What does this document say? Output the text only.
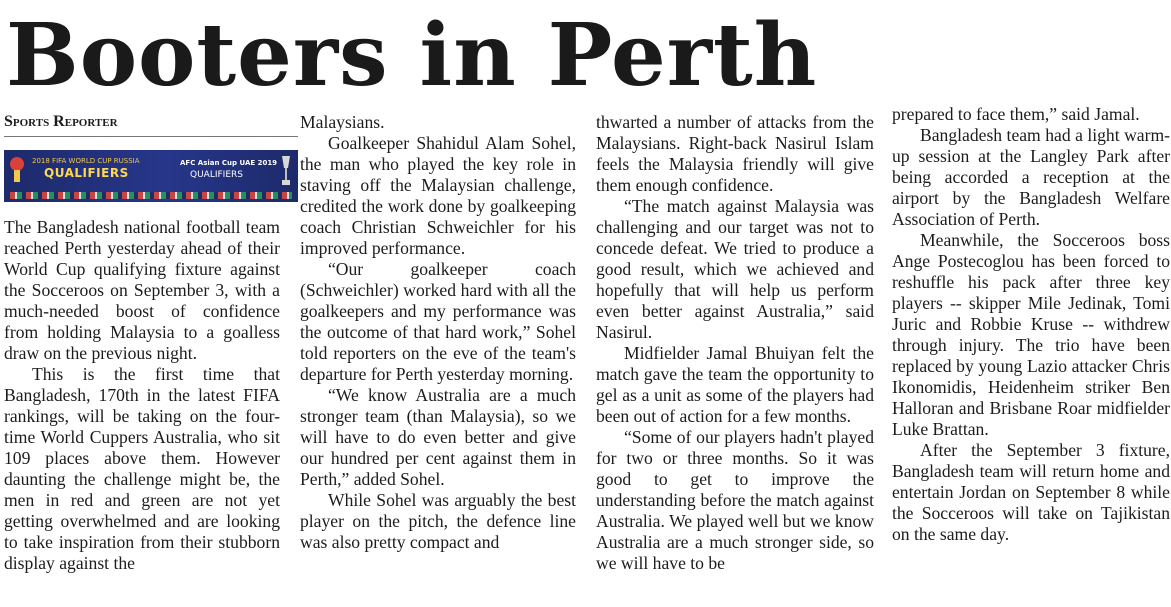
Booters in Perth
Sports Reporter
2018 FIFA WORLD CUP RUSSIA
QUALIFIERS
AFC Asian Cup UAE 2019
QUALIFIERS

The Bangladesh national football team reached Perth yesterday ahead of their World Cup qualifying fixture against the Socceroos on September 3, with a much-needed boost of confidence from holding Malaysia to a goalless draw on the previous night.

This is the first time that Bangladesh, 170th in the latest FIFA rankings, will be taking on the four-time World Cuppers Australia, who sit 109 places above them. However daunting the challenge might be, the men in red and green are not yet getting overwhelmed and are looking to take inspiration from their stubborn display against the

Malaysians.

Goalkeeper Shahidul Alam Sohel, the man who played the key role in staving off the Malaysian challenge, credited the work done by goalkeeping coach Christian Schweichler for his improved performance.

“Our goalkeeper coach (Schweichler) worked hard with all the goalkeepers and my performance was the outcome of that hard work,” Sohel told reporters on the eve of the team's departure for Perth yesterday morning.

“We know Australia are a much stronger team (than Malaysia), so we will have to do even better and give our hundred per cent against them in Perth,” added Sohel.

While Sohel was arguably the best player on the pitch, the defence line was also pretty compact and

thwarted a number of attacks from the Malaysians. Right-back Nasirul Islam feels the Malaysia friendly will give them enough confidence.

“The match against Malaysia was challenging and our target was not to concede defeat. We tried to produce a good result, which we achieved and hopefully that will help us perform even better against Australia,” said Nasirul.

Midfielder Jamal Bhuiyan felt the match gave the team the opportunity to gel as a unit as some of the players had been out of action for a few months.

“Some of our players hadn't played for two or three months. So it was good to get to improve the understanding before the match against Australia. We played well but we know Australia are a much stronger side, so we will have to be

prepared to face them,” said Jamal.

Bangladesh team had a light warm-up session at the Langley Park after being accorded a reception at the airport by the Bangladesh Welfare Association of Perth.

Meanwhile, the Socceroos boss Ange Postecoglou has been forced to reshuffle his pack after three key players -- skipper Mile Jedinak, Tomi Juric and Robbie Kruse -- withdrew through injury. The trio have been replaced by young Lazio attacker Chris Ikonomidis, Heidenheim striker Ben Halloran and Brisbane Roar midfielder Luke Brattan.

After the September 3 fixture, Bangladesh team will return home and entertain Jordan on September 8 while the Socceroos will take on Tajikistan on the same day.
